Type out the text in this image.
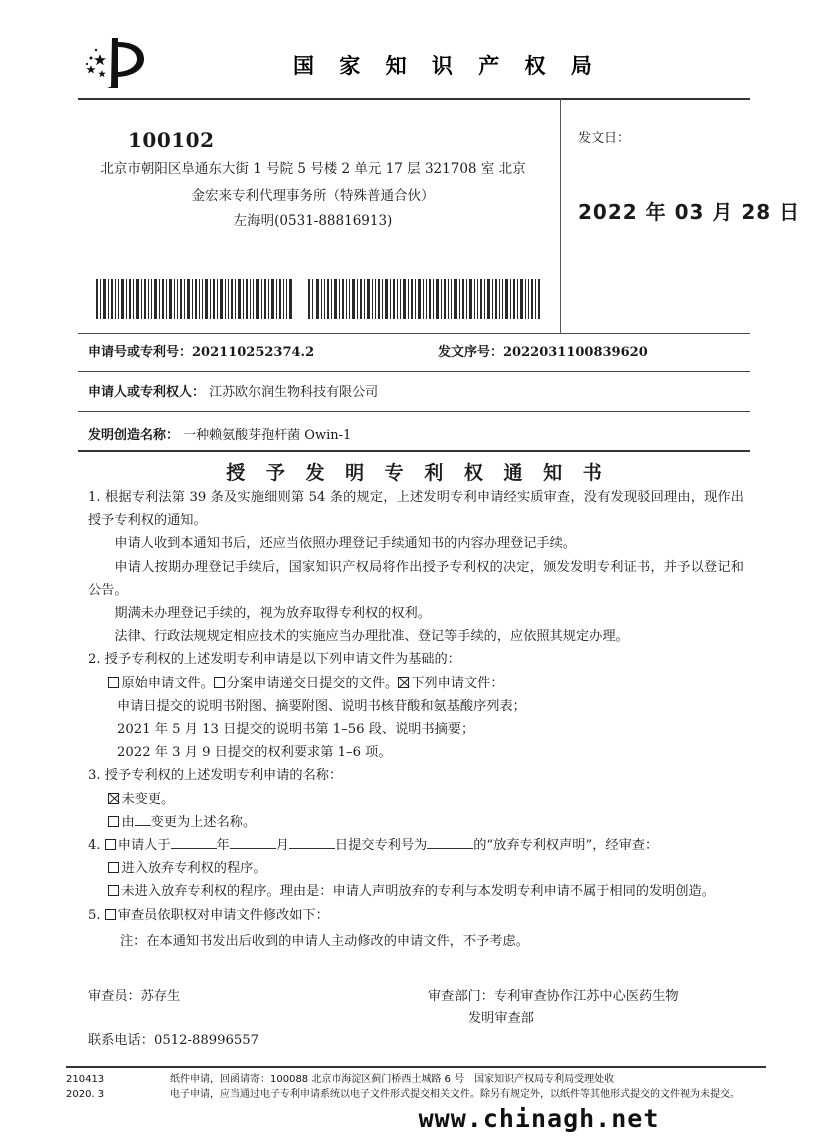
国 家 知 识 产 权 局
100102
北京市朝阳区阜通东大街 1 号院 5 号楼 2 单元 17 层 321708 室 北京
金宏来专利代理事务所（特殊普通合伙）
左海明(0531-88816913)
发文日：
2022 年 03 月 28 日
申请号或专利号：202110252374.2	发文序号：2022031100839620
申请人或专利权人： 江苏欧尔润生物科技有限公司
发明创造名称： 一种赖氨酸芽孢杆菌 Owin-1
授 予 发 明 专 利 权 通 知 书

1. 根据专利法第 39 条及实施细则第 54 条的规定，上述发明专利申请经实质审查，没有发现驳回理由，现作出授予专利权的通知。

申请人收到本通知书后，还应当依照办理登记手续通知书的内容办理登记手续。

申请人按期办理登记手续后，国家知识产权局将作出授予专利权的决定，颁发发明专利证书，并予以登记和公告。

期满未办理登记手续的，视为放弃取得专利权的权利。

法律、行政法规规定相应技术的实施应当办理批准、登记等手续的，应依照其规定办理。

2. 授予专利权的上述发明专利申请是以下列申请文件为基础的：

原始申请文件。 分案申请递交日提交的文件。 下列申请文件：

申请日提交的说明书附图、摘要附图、说明书核苷酸和氨基酸序列表；

2021 年 5 月 13 日提交的说明书第 1–56 段、说明书摘要；

2022 年 3 月 9 日提交的权利要求第 1–6 项。

3. 授予专利权的上述发明专利申请的名称：

未变更。

由 变更为上述名称。

4. 申请人于	年	月	日提交专利号为	的“放弃专利权声明”，经审查：

进入放弃专利权的程序。

未进入放弃专利权的程序。理由是：申请人声明放弃的专利与本发明专利申请不属于相同的发明创造。

5. 审查员依职权对申请文件修改如下：

注：在本通知书发出后收到的申请人主动修改的申请文件，不予考虑。
审查员：苏存生	审查部门：专利审查协作江苏中心医药生物
发明审查部
联系电话：0512-88996557
210413
2020. 3
纸件申请，回函请寄：100088 北京市海淀区蓟门桥西土城路 6 号　国家知识产权局专利局受理处收
电子申请，应当通过电子专利申请系统以电子文件形式提交相关文件。除另有规定外，以纸件等其他形式提交的文件视为未提交。
www.chinagh.net
